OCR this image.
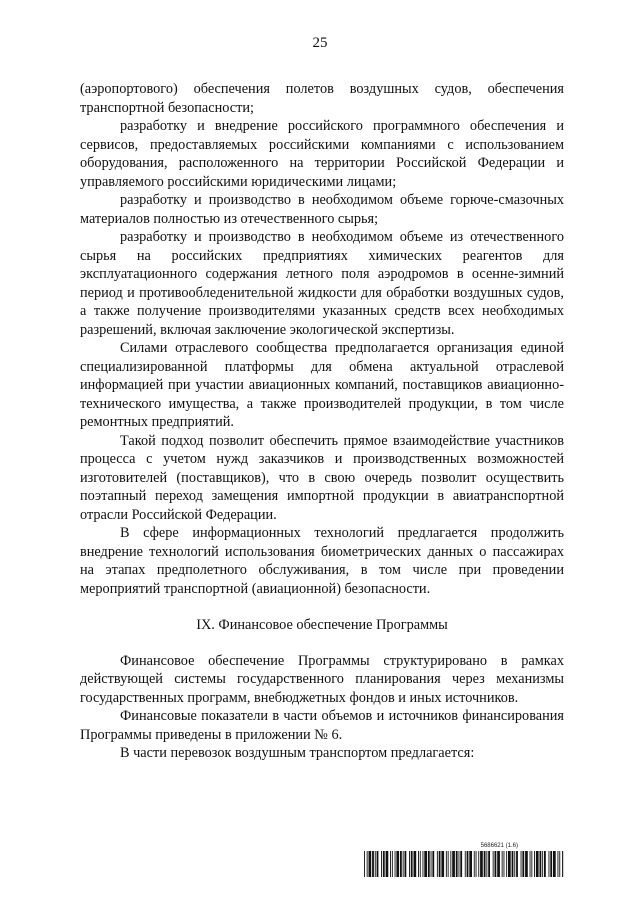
25

(аэропортового) обеспечения полетов воздушных судов, обеспечения транспортной безопасности;

разработку и внедрение российского программного обеспечения и сервисов, предоставляемых российскими компаниями с использованием оборудования, расположенного на территории Российской Федерации и управляемого российскими юридическими лицами;

разработку и производство в необходимом объеме горюче-смазочных материалов полностью из отечественного сырья;

разработку и производство в необходимом объеме из отечественного сырья на российских предприятиях химических реагентов для эксплуатационного содержания летного поля аэродромов в осенне-зимний период и противообледенительной жидкости для обработки воздушных судов, а также получение производителями указанных средств всех необходимых разрешений, включая заключение экологической экспертизы.

Силами отраслевого сообщества предполагается организация единой специализированной платформы для обмена актуальной отраслевой информацией при участии авиационных компаний, поставщиков авиационно-технического имущества, а также производителей продукции, в том числе ремонтных предприятий.

Такой подход позволит обеспечить прямое взаимодействие участников процесса с учетом нужд заказчиков и производственных возможностей изготовителей (поставщиков), что в свою очередь позволит осуществить поэтапный переход замещения импортной продукции в авиатранспортной отрасли Российской Федерации.

В сфере информационных технологий предлагается продолжить внедрение технологий использования биометрических данных о пассажирах на этапах предполетного обслуживания, в том числе при проведении мероприятий транспортной (авиационной) безопасности.

IX. Финансовое обеспечение Программы

Финансовое обеспечение Программы структурировано в рамках действующей системы государственного планирования через механизмы государственных программ, внебюджетных фондов и иных источников.

Финансовые показатели в части объемов и источников финансирования Программы приведены в приложении № 6.

В части перевозок воздушным транспортом предлагается:

5686621 (1.6)
